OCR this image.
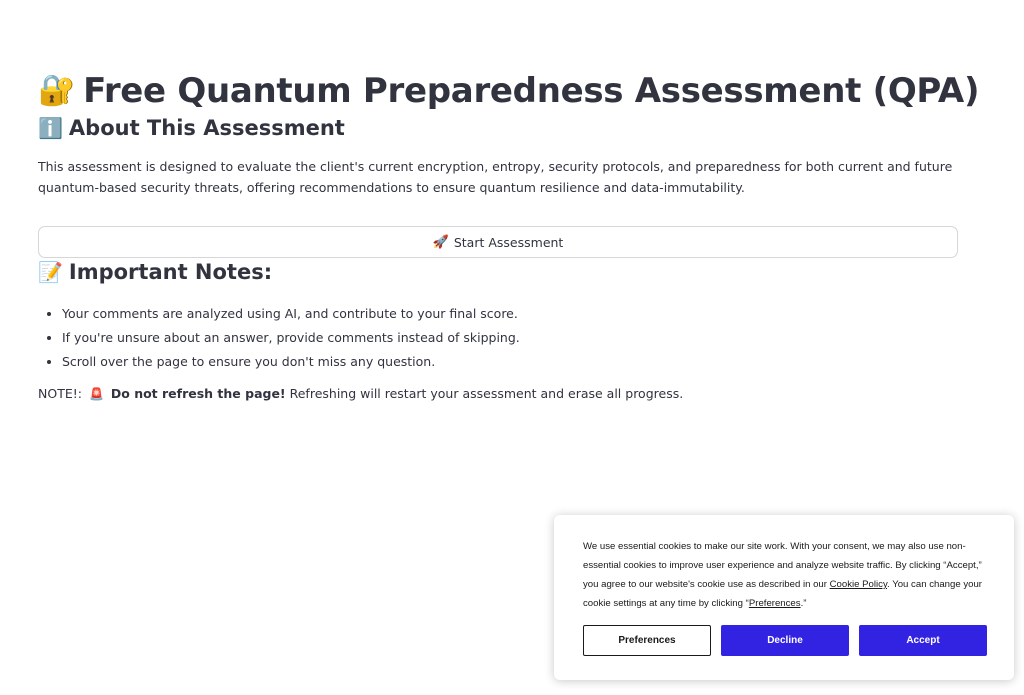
🔐 Free Quantum Preparedness Assessment (QPA)
ℹ️ About This Assessment

This assessment is designed to evaluate the client's current encryption, entropy, security protocols, and preparedness for both current and future quantum-based security threats, offering recommendations to ensure quantum resilience and data-immutability.

🚀 Start Assessment
📝 Important Notes:
• Your comments are analyzed using AI, and contribute to your final score.
• If you're unsure about an answer, provide comments instead of skipping.
• Scroll over the page to ensure you don't miss any question.

NOTE!: 🚨 Do not refresh the page! Refreshing will restart your assessment and erase all progress.

We use essential cookies to make our site work. With your consent, we may also use non-essential cookies to improve user experience and analyze website traffic. By clicking “Accept,” you agree to our website's cookie use as described in our Cookie Policy. You can change your cookie settings at any time by clicking “Preferences.”

Preferences	Decline	Accept
